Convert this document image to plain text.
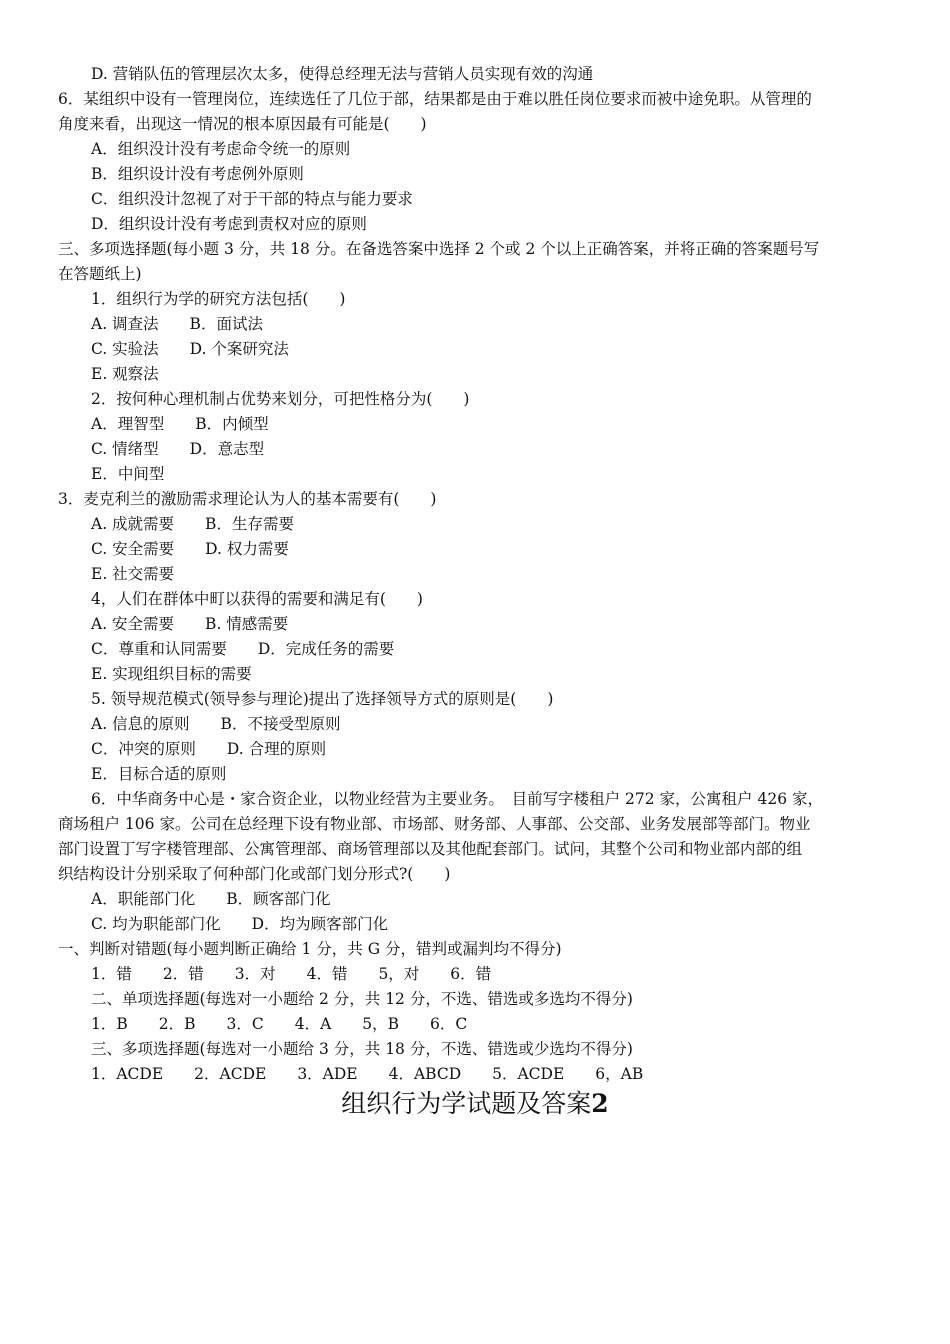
D. 营销队伍的管理层次太多，使得总经理无法与营销人员实现有效的沟通
6．某组织中设有一管理岗位，连续选任了几位于部，结果都是由于难以胜任岗位要求而被中途免职。从管理的
角度来看，出现这一情况的根本原因最有可能是(　　)
A．组织没计没有考虑命令统一的原则
B．组织设计没有考虑例外原则
C．组织没计忽视了对于干部的特点与能力要求
D．组织设计没有考虑到责权对应的原则
三、多项选择题(每小题 3 分，共 18 分。在备选答案中选择 2 个或 2 个以上正确答案，并将正确的答案题号写
在答题纸上)
1．组织行为学的研究方法包括(　　)
A. 调查法　　B．面试法
C. 实验法　　D. 个案研究法
E. 观察法
2．按何种心理机制占优势来划分，可把性格分为(　　)
A．理智型　　B．内倾型
C. 情绪型　　D．意志型
E．中间型
3．麦克利兰的激励需求理论认为人的基本需要有(　　)
A. 成就需要　　B．生存需要
C. 安全需要　　D. 权力需要
E. 社交需要
4，人们在群体中町以获得的需要和满足有(　　)
A. 安全需要　　B. 情感需要
C．尊重和认同需要　　D．完成任务的需要
E. 实现组织目标的需要
5. 领导规范模式(领导参与理论)提出了选择领导方式的原则是(　　)
A. 信息的原则　　B．不接受型原则
C．冲突的原则　　D. 合理的原则
E．目标合适的原则
6．中华商务中心是・家合资企业，以物业经营为主要业务。　目前写字楼租户 272 家，公寓租户 426 家，
商场租户 106 家。公司在总经理下设有物业部、市场部、财务部、人事部、公交部、业务发展部等部门。物业
部门设置丁写字楼管理部、公寓管理部、商场管理部以及其他配套部门。试问，其整个公司和物业部内部的组
织结构设计分别采取了何种部门化或部门划分形式?(　　)
A．职能部门化　　B．顾客部门化
C. 均为职能部门化　　D．均为顾客部门化
一、判断对错题(每小题判断正确给 1 分，共 G 分，错判或漏判均不得分)
1．错　　2．错　　3．对　　4．错　　5，对　　6．错
二、单项选择题(每选对一小题给 2 分，共 12 分，不选、错选或多选均不得分)
1．B　　2．B　　3．C　　4．A　　5，B　　6．C
三、多项选择题(每选对一小题给 3 分，共 18 分，不选、错选或少选均不得分)
1．ACDE　　2．ACDE　　3．ADE　　4．ABCD　　5．ACDE　　6，AB
组织行为学试题及答案2
